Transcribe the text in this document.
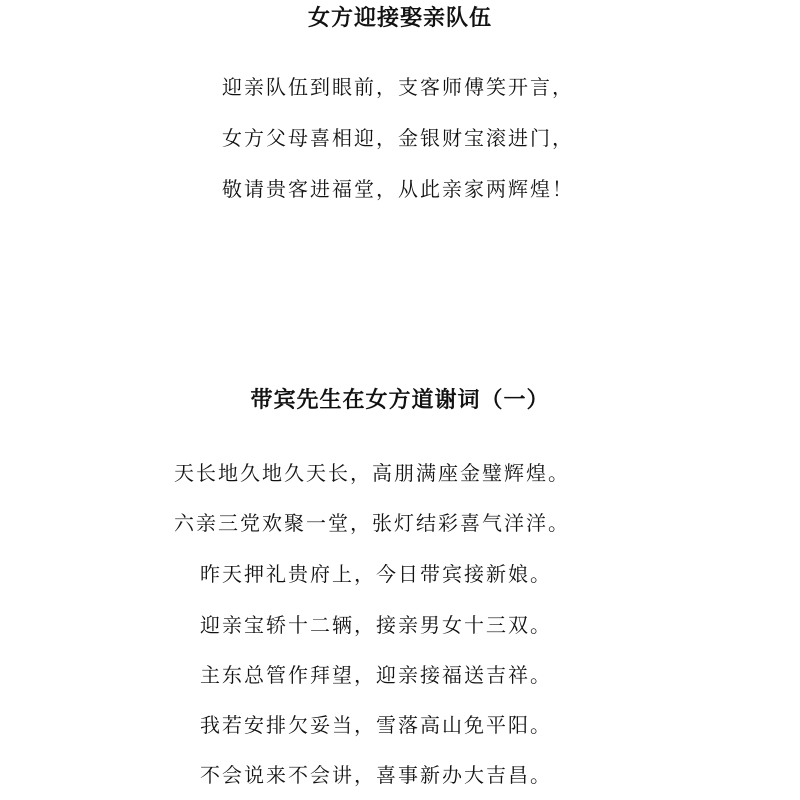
女方迎接娶亲队伍
迎亲队伍到眼前，支客师傅笑开言，
女方父母喜相迎，金银财宝滚进门，
敬请贵客进福堂，从此亲家两辉煌！
带宾先生在女方道谢词（一）
天长地久地久天长，高朋满座金璧辉煌。
六亲三党欢聚一堂，张灯结彩喜气洋洋。
昨天押礼贵府上，今日带宾接新娘。
迎亲宝轿十二辆，接亲男女十三双。
主东总管作拜望，迎亲接福送吉祥。
我若安排欠妥当，雪落高山免平阳。
不会说来不会讲，喜事新办大吉昌。
